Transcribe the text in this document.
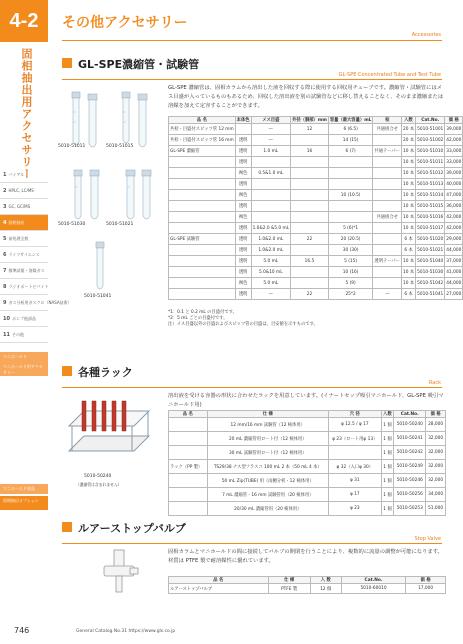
4-2
固相抽出用アクセサリー
1 バイアル
2 HPLC, LC/MS
3 GC, GC/MS
4 固相抽出
5 前処理全般
6 ライフサイエンス
7 標準試薬・溶媒ガス
8 ラジオポートビバイト
9 ガス分析用ガスクロ（NASA技術）
10 ポンプ他部品
11 その他
マニホールド
マニホールド用アクセサリー
マニホールド部品
固相抽出オプション
その他アクセサリー
Accessories
GL-SPE濃縮管・試験管
GL-SPE Concentrated Tube and Test Tube
GL-SPE 濃縮管は、固相カラムから溶出した液を回収する際に使用する回収用チューブです。濃縮管・試験管にはメス目盛が入っているものもあるため、回収した溶出液を別の試験管などに移し替えることなく、そのまま濃縮または溶媒を加えて定容することができます。
5010-51011	5010-51015
5010-51030	5010-51021
5010-51041
品 名	本体色	メス目盛	外径（胴部）mm	容量（最大容量）mL	栓	入数	Cat.No.	価 格
共栓・目盛付スピッツ管 12 mm		—	12	6 (6.5)	共通組合せ	20 本	5010-51001	39,000
共栓・目盛付スピッツ管 16 mm	透明	—		14 (15)		20 本	5010-51002	42,000
GL-SPE 濃縮管	透明	1.0 mL	16	6 (7)	共通テーパー	10 本	5010-51010	33,000
	透明					10 本	5010-51011	33,000
	褐色	0.5&1.0 mL				10 本	5010-51012	39,000
	透明					10 本	5010-51013	40,000
	褐色			10 (10.5)		10 本	5010-51014	47,000
	透明					10 本	5010-51015	36,000
	褐色				共通組合せ	10 本	5010-51016	42,000
	透明	1.0&2.0 &5.0 mL		5 (6)*1		10 本	5010-51017	42,000
GL-SPE 試験管	透明	1.0&2.0 mL	22	20 (20.5)		6 本	5010-51020	29,000
	透明	1.0&2.0 mL		30 (30)		6 本	5010-51021	44,000
	透明	5.0 mL	16.5	5 (15)	透明テーパー	10 本	5010-51040	37,000
	透明	5.0&10 mL		10 (16)		10 本	5010-51030	41,000
	褐色	5.0 mL		5 (9)		10 本	5010-51042	44,000
	透明	—	22	25*2	—	6 本	5010-51041	27,000
*1：0.1 と 0.2 mL の目盛付です。
*2：5 mL ごとの目盛付です。
注）メス目盛以外の目盛およびスピッツ管の目盛は、目安値を示すものです。
各種ラック
Rack
溶出液を受ける容器の形状に合わせたラックを用意しています。(イナートセップ吸引マニホールド、GL-SPE 吸引マニホールド用)
5010-50240
（濃縮管は含まれません）
品 名	仕 様	穴 径	入数	Cat.No.	価 格
	12 mm/16 mm 試験管（12 検体用）	φ 12.5 / φ 17	1 個	5010-50240	28,000
	20 mL 濃縮管用ロート付（12 検体用）	φ 23（ロート用φ 13）	1 個	5010-50241	32,000
	30 mL 試験管用ロート付（12 検体用）		1 個	5010-50242	32,000
ラック（PP 製）	TS29/38 ナス型フラスコ 100 mL 2 本（50 mL 4 本）	φ 32（入口φ 30）	1 個	5010-50249	32,000
	50 mL Zip(TUBE) 用（雨樋分析・12 検体用）	φ 31	1 個	5010-50246	32,000
	7 mL 濃縮管・16 mm 試験管用（20 検体用）	φ 17	1 個	5010-50256	34,000
	20/30 mL 濃縮管用（20 検体用）	φ 23	1 個	5010-50253	51,000
ルアーストップバルブ
Stop Valve
固相カラムとマニホールドの間に接続してバルブの開閉を行うことにより、複数的に流量の調整が可能になります。材質は PTFE 製で耐溶媒性に優れています。
品 名	仕 様	入 数	Cat.No.	価 格
ルアーストップバルブ	PTFE 製	12 個	5010-60010	17,000
746	General Catalog No.31 https://www.gls.co.jp
